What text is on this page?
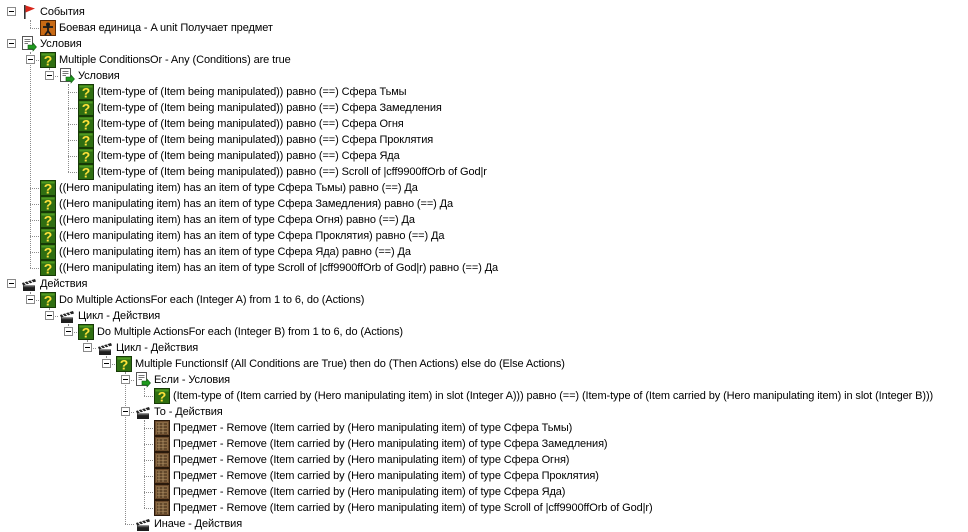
События
Боевая единица - A unit Получает предмет
Условия
? Multiple ConditionsOr - Any (Conditions) are true
Условия
? (Item-type of (Item being manipulated)) равно (==) Сфера Тьмы
? (Item-type of (Item being manipulated)) равно (==) Сфера Замедления
? (Item-type of (Item being manipulated)) равно (==) Сфера Огня
? (Item-type of (Item being manipulated)) равно (==) Сфера Проклятия
? (Item-type of (Item being manipulated)) равно (==) Сфера Яда
? (Item-type of (Item being manipulated)) равно (==) Scroll of |cff9900ffOrb of God|r
? ((Hero manipulating item) has an item of type Сфера Тьмы) равно (==) Да
? ((Hero manipulating item) has an item of type Сфера Замедления) равно (==) Да
? ((Hero manipulating item) has an item of type Сфера Огня) равно (==) Да
? ((Hero manipulating item) has an item of type Сфера Проклятия) равно (==) Да
? ((Hero manipulating item) has an item of type Сфера Яда) равно (==) Да
? ((Hero manipulating item) has an item of type Scroll of |cff9900ffOrb of God|r) равно (==) Да
Действия
? Do Multiple ActionsFor each (Integer A) from 1 to 6, do (Actions)
Цикл - Действия
? Do Multiple ActionsFor each (Integer B) from 1 to 6, do (Actions)
Цикл - Действия
? Multiple FunctionsIf (All Conditions are True) then do (Then Actions) else do (Else Actions)
Если - Условия
? (Item-type of (Item carried by (Hero manipulating item) in slot (Integer A))) равно (==) (Item-type of (Item carried by (Hero manipulating item) in slot (Integer B)))
То - Действия
Предмет - Remove (Item carried by (Hero manipulating item) of type Сфера Тьмы)
Предмет - Remove (Item carried by (Hero manipulating item) of type Сфера Замедления)
Предмет - Remove (Item carried by (Hero manipulating item) of type Сфера Огня)
Предмет - Remove (Item carried by (Hero manipulating item) of type Сфера Проклятия)
Предмет - Remove (Item carried by (Hero manipulating item) of type Сфера Яда)
Предмет - Remove (Item carried by (Hero manipulating item) of type Scroll of |cff9900ffOrb of God|r)
Иначе - Действия
